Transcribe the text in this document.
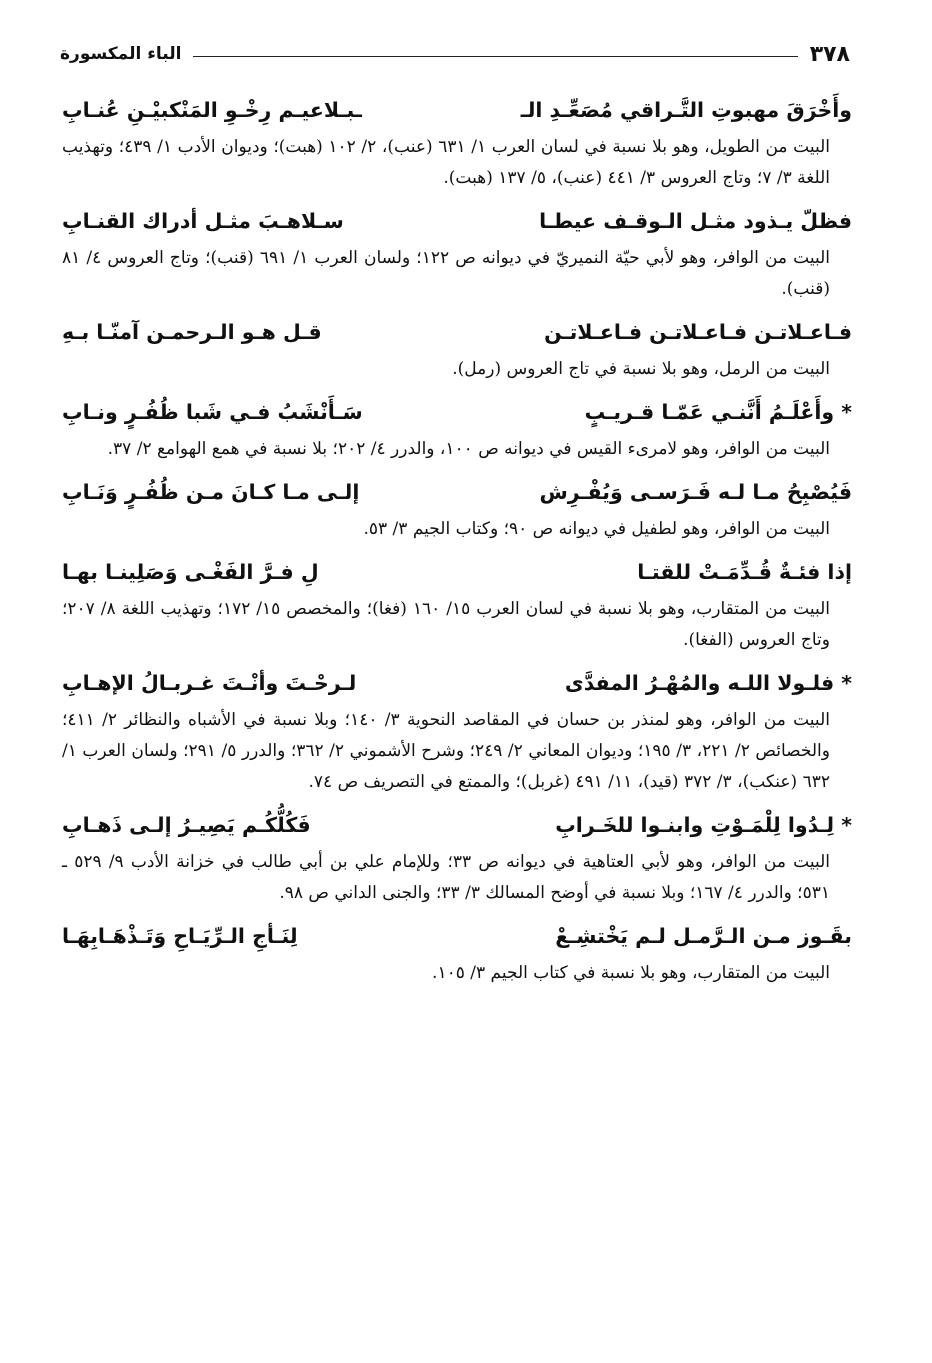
٣٧٨
الباء المكسورة
وأَخْرَقَ مهبوتِ التَّـراقي مُصَعِّـدِ الـ
ـبـلاعيـم رِخْـوِ المَنْكبيْـنِ عُنـابِ

البيت من الطويل، وهو بلا نسبة في لسان العرب ١/ ٦٣١ (عنب)، ٢/ ١٠٢ (هبت)؛ وديوان الأدب ١/ ٤٣٩؛ وتهذيب اللغة ٣/ ٧؛ وتاج العروس ٣/ ٤٤١ (عنب)، ٥/ ١٣٧ (هبت).

فظلّ يـذود مثـل الـوقـف عيطـا
سـلاهـبَ مثـل أدراك القنـابِ

البيت من الوافر، وهو لأبي حيّة النميريّ في ديوانه ص ١٢٢؛ ولسان العرب ١/ ٦٩١ (قنب)؛ وتاج العروس ٤/ ٨١ (قنب).

فـاعـلاتـن فـاعـلاتـن فـاعـلاتـن
قـل هـو الـرحمـن آمنّـا بـهِ

البيت من الرمل، وهو بلا نسبة في تاج العروس (رمل).

* وأَعْلَـمُ أَنَّنـي عَمّـا قـريـبٍ
سَـأَنْشَبُ فـي شَبا ظُفُـرٍ ونـابِ

البيت من الوافر، وهو لامرىء القيس في ديوانه ص ١٠٠، والدرر ٤/ ٢٠٢؛ بلا نسبة في همع الهوامع ٢/ ٣٧.

فَيُصْبِحُ مـا لـه فَـرَسـى وَيُفْـرِش
إلـى مـا كـانَ مـن ظُفُـرٍ وَنَـابِ

البيت من الوافر، وهو لطفيل في ديوانه ص ٩٠؛ وكتاب الجيم ٣/ ٥٣.

إذا فئـةٌ قُـدِّمَـتْ للقتـا
لِ فـرَّ الفَغْـى وَصَلِينـا بهـا

البيت من المتقارب، وهو بلا نسبة في لسان العرب ١٥/ ١٦٠ (فغا)؛ والمخصص ١٥/ ١٧٢؛ وتهذيب اللغة ٨/ ٢٠٧؛ وتاج العروس (الفغا).

* فلـولا اللـه والمُهْـرُ المفدَّى
لـرحْـتَ وأنْـتَ غـربـالُ الإهـابِ

البيت من الوافر، وهو لمنذر بن حسان في المقاصد النحوية ٣/ ١٤٠؛ وبلا نسبة في الأشباه والنظائر ٢/ ٤١١؛ والخصائص ٢/ ٢٢١، ٣/ ١٩٥؛ وديوان المعاني ٢/ ٢٤٩؛ وشرح الأشموني ٢/ ٣٦٢؛ والدرر ٥/ ٢٩١؛ ولسان العرب ١/ ٦٣٢ (عنكب)، ٣/ ٣٧٢ (قيد)، ١١/ ٤٩١ (غربل)؛ والممتع في التصريف ص ٧٤.

* لِـدُوا لِلْمَـوْتِ وابنـوا للخَـرابِ
فَكُلُّكُـم يَصِيـرُ إلـى ذَهـابِ

البيت من الوافر، وهو لأبي العتاهية في ديوانه ص ٣٣؛ وللإمام علي بن أبي طالب في خزانة الأدب ٩/ ٥٢٩ ـ ٥٣١؛ والدرر ٤/ ١٦٧؛ وبلا نسبة في أوضح المسالك ٣/ ٣٣؛ والجنى الداني ص ٩٨.

بقَـوز مـن الـرَّمـل لـم يَخْتشِـعْ
لِنَـأجِ الـرِّيَـاحِ وَتَـذْهَـابِهَـا

البيت من المتقارب، وهو بلا نسبة في كتاب الجيم ٣/ ١٠٥.
